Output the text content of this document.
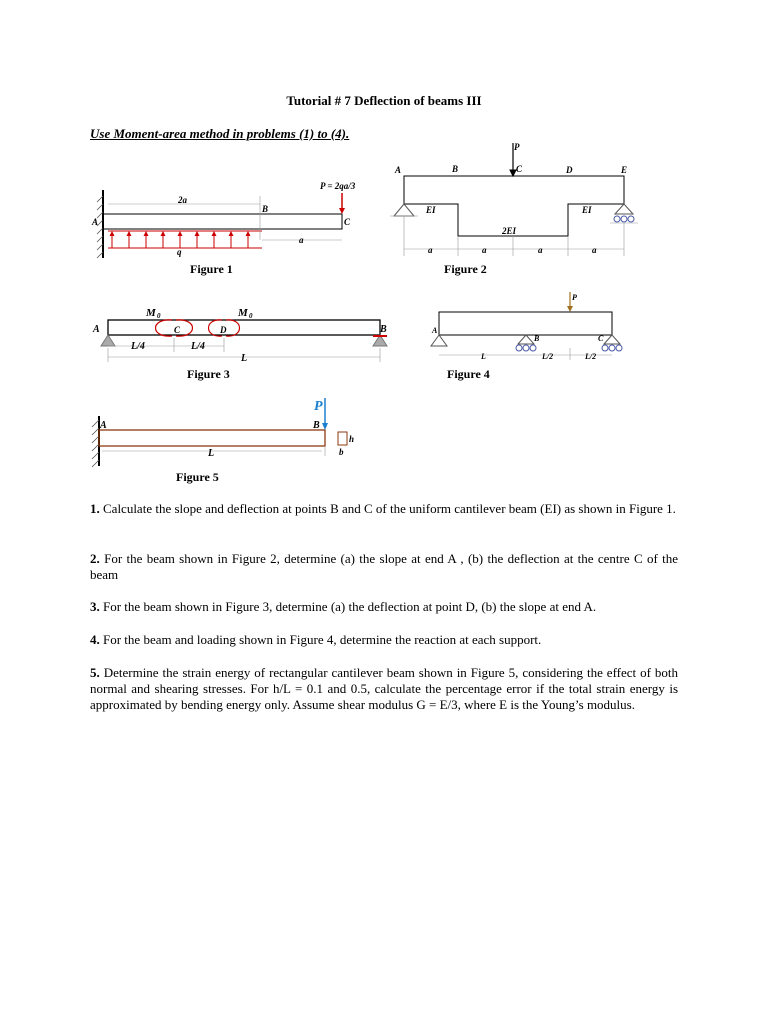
Tutorial # 7 Deflection of beams III
Use Moment-area method in problems (1) to (4).
A
B
C
2a
a
q
P = 2qa/3
Figure 1
A	B	C	D	E
P
EI	EI
2EI
a	a	a	a
Figure 2
A	B
C	D
M 0	M 0
L/4	L/4
L
Figure 3
A
B	C
P
L	L/2	L/2
Figure 4
A	B
P
L
h
b
Figure 5
1. Calculate the slope and deflection at points B and C of the uniform cantilever beam (EI) as shown in Figure 1.
2. For the beam shown in Figure 2, determine (a) the slope at end A , (b) the deflection at the centre C of the beam
3. For the beam shown in Figure 3, determine (a) the deflection at point D, (b) the slope at end A.
4. For the beam and loading shown in Figure 4, determine the reaction at each support.
5. Determine the strain energy of rectangular cantilever beam shown in Figure 5, considering the effect of both normal and shearing stresses. For h/L = 0.1 and 0.5, calculate the percentage error if the total strain energy is approximated by bending energy only. Assume shear modulus G = E/3, where E is the Young’s modulus.
